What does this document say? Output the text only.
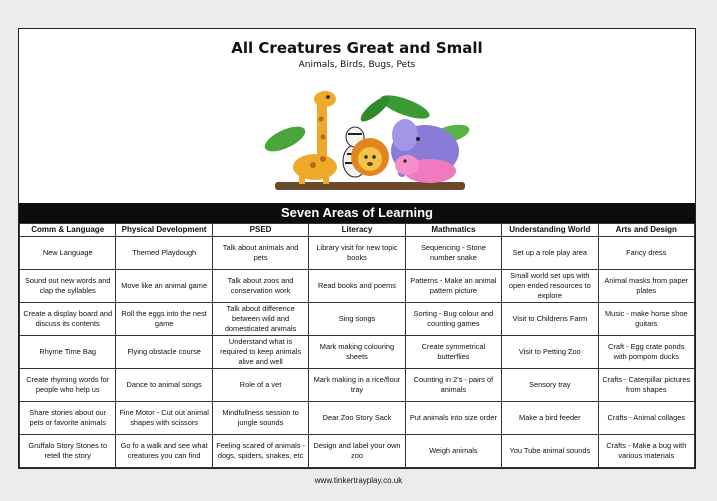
All Creatures Great and Small
Animals, Birds, Bugs, Pets
Seven Areas of Learning
Comm & Language	Physical Development	PSED	Literacy	Mathmatics	Understanding World	Arts and Design
New Language	Themed Playdough	Talk about animals and pets	Library visit for new topic books	Sequencing - Stone number snake	Set up a role play area	Fancy dress
Sound out new words and clap the syllables	Move like an animal game	Talk about zoos and conservation work	Read books and poems	Patterns - Make an animal pattern picture	Small world set ups with open ended resources to explore	Animal masks from paper plates
Create a display board and discuss its contents	Roll the eggs into the nest game	Talk about difference between wild and domesticated animals	Sing songs	Sorting - Bug colour and counting games	Visit to Childrens Farm	Music - make horse shoe guitars
Rhyme Time Bag	Flying obstacle course	Understand what is required to keep animals alive and well	Mark making colouring sheets	Create symmetrical butterflies	Visit to Petting Zoo	Craft - Egg crate ponds with pompom ducks
Create rhyming words for people who help us	Dance to animal songs	Role of a vet	Mark making in a rice/flour tray	Counting in 2's - pairs of animals	Sensory tray	Crafts - Caterpillar pictures from shapes
Share stories about our pets or favorite animals	Fine Motor - Cut out animal shapes with scissors	Mindfullness session to jungle sounds	Dear Zoo Story Sack	Put animals into size order	Make a bird feeder	Crafts - Animal collages
Gruffalo Story Stones to retell the story	Go fo a walk and see what creatures you can find	Feeling scared of animals - dogs, spiders, snakes, etc	Design and label your own zoo	Weigh animals	You Tube animal sounds	Crafts - Make a bug with various materials
www.tinkertrayplay.co.uk
